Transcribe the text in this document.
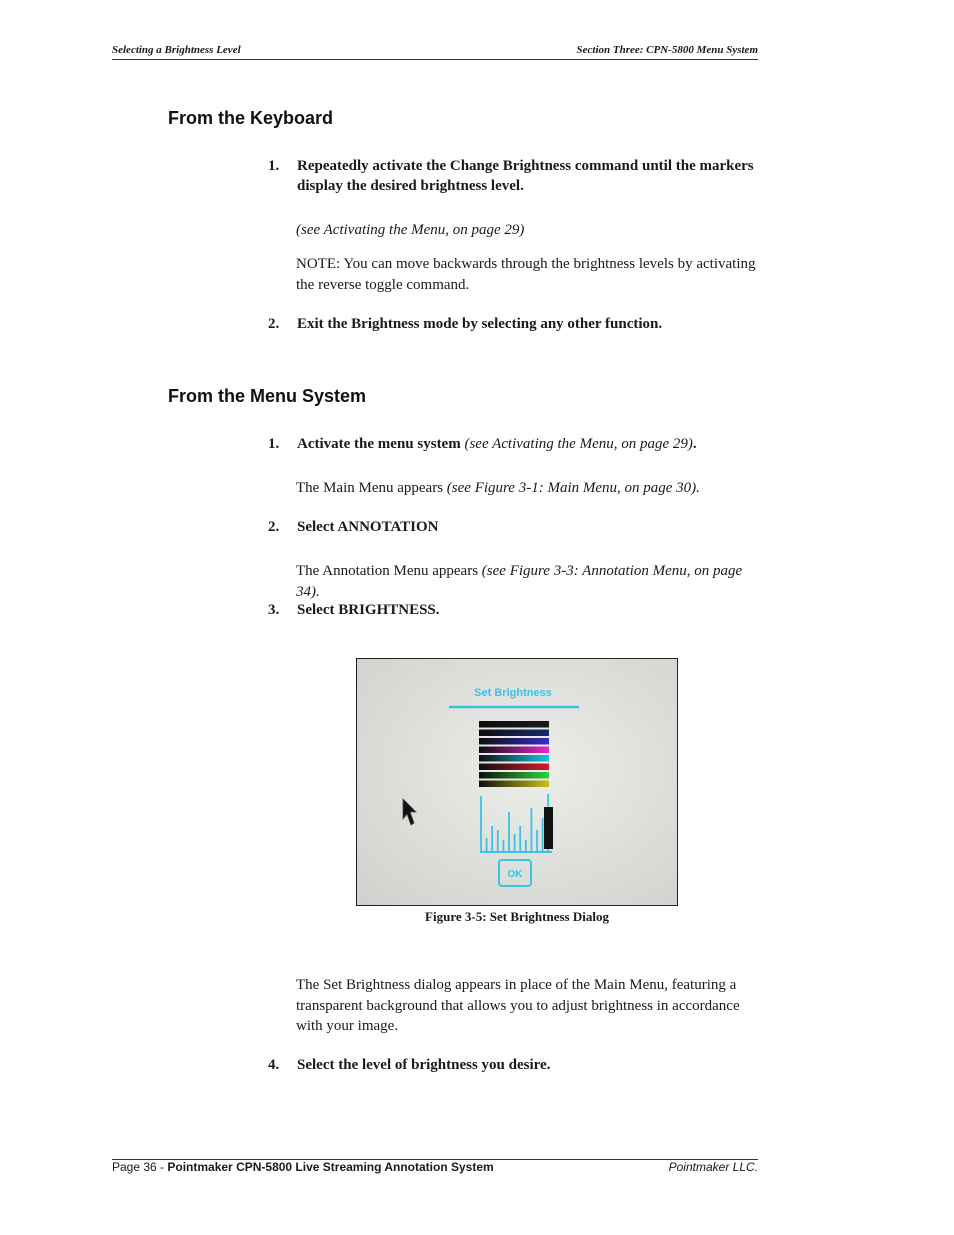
Selecting a Brightness Level	Section Three: CPN-5800 Menu System
From the Keyboard
1. Repeatedly activate the Change Brightness command until the markers display the desired brightness level.
(see Activating the Menu, on page 29)
NOTE: You can move backwards through the brightness levels by activating the reverse toggle command.
2. Exit the Brightness mode by selecting any other function.
From the Menu System
1. Activate the menu system (see Activating the Menu, on page 29).
The Main Menu appears (see Figure 3-1: Main Menu, on page 30).
2. Select ANNOTATION
The Annotation Menu appears (see Figure 3-3: Annotation Menu, on page 34).
3. Select BRIGHTNESS.
Set Brightness
OK
Figure 3-5: Set Brightness Dialog
The Set Brightness dialog appears in place of the Main Menu, featuring a transparent background that allows you to adjust brightness in accordance with your image.
4. Select the level of brightness you desire.
Page 36 - Pointmaker CPN-5800 Live Streaming Annotation System	Pointmaker LLC.
